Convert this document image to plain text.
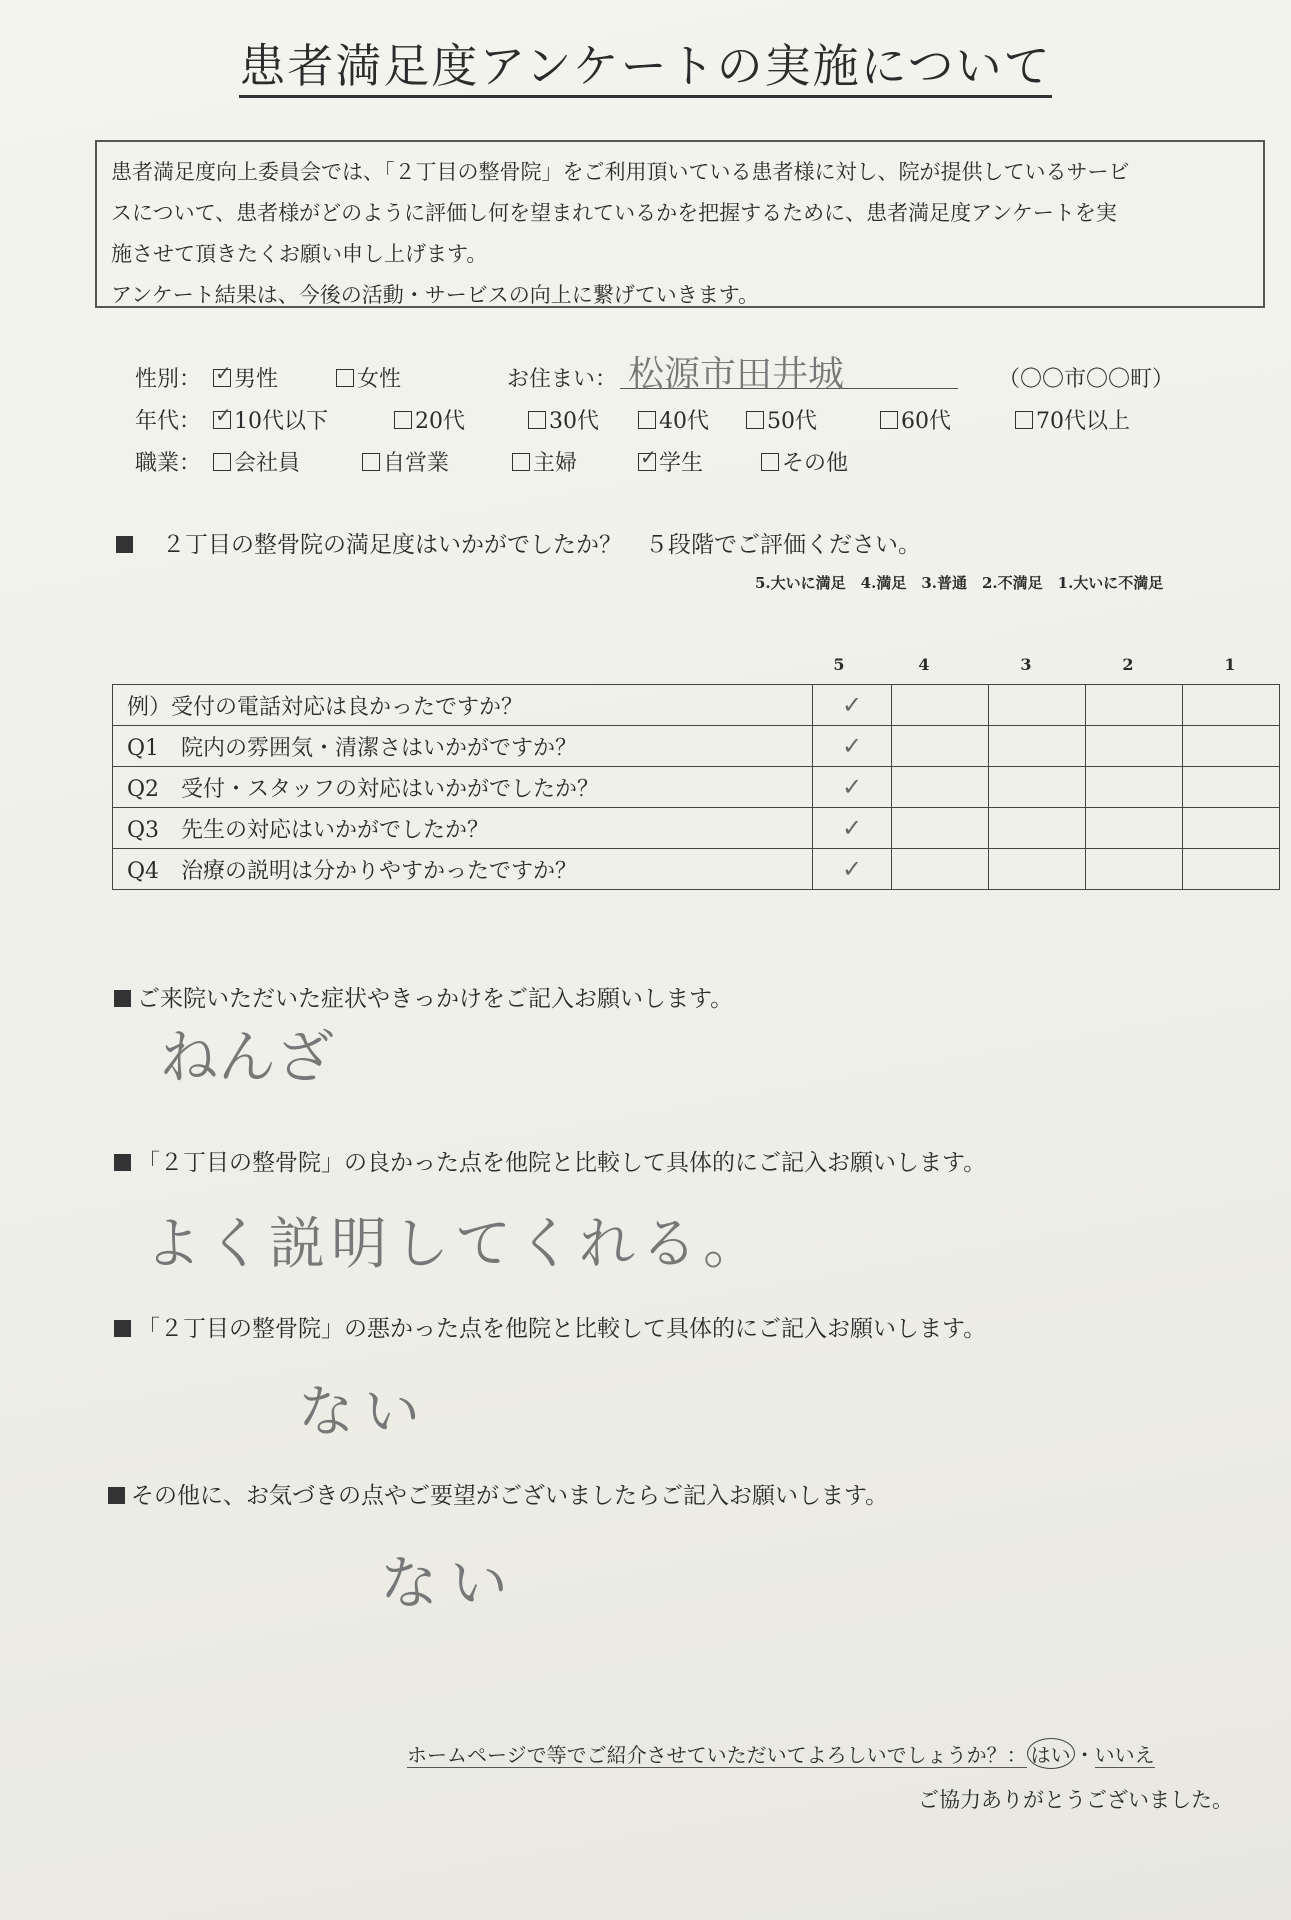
患者満足度アンケートの実施について

患者満足度向上委員会では、「２丁目の整骨院」をご利用頂いている患者様に対し、院が提供しているサービ

スについて、患者様がどのように評価し何を望まれているかを把握するために、患者満足度アンケートを実

施させて頂きたくお願い申し上げます。

アンケート結果は、今後の活動・サービスの向上に繋げていきます。

性別： ✓	男性	女性	お住まい： 松源市田井城	（〇〇市〇〇町）
年代： ✓	10代以下	20代	30代	40代	50代	60代	70代以上
職業：	会社員	自営業	主婦 ✓	学生	その他
　２丁目の整骨院の満足度はいかがでしたか？　５段階でご評価ください。
5.大いに満足　4.満足　3.普通　2.不満足　1.大いに不満足
5	4	3	2	1
例）受付の電話対応は良かったですか？	✓				
Q1　院内の雰囲気・清潔さはいかがですか？	✓				
Q2　受付・スタッフの対応はいかがでしたか？	✓				
Q3　先生の対応はいかがでしたか？	✓				
Q4　治療の説明は分かりやすかったですか？	✓				
ご来院いただいた症状やきっかけをご記入お願いします。
ねんざ
「２丁目の整骨院」の良かった点を他院と比較して具体的にご記入お願いします。
よく説明してくれる。
「２丁目の整骨院」の悪かった点を他院と比較して具体的にご記入お願いします。
ない
その他に、お気づきの点やご要望がございましたらご記入お願いします。
ない
ホームページで等でご紹介させていただいてよろしいでしょうか？： はい ・いいえ
ご協力ありがとうございました。
